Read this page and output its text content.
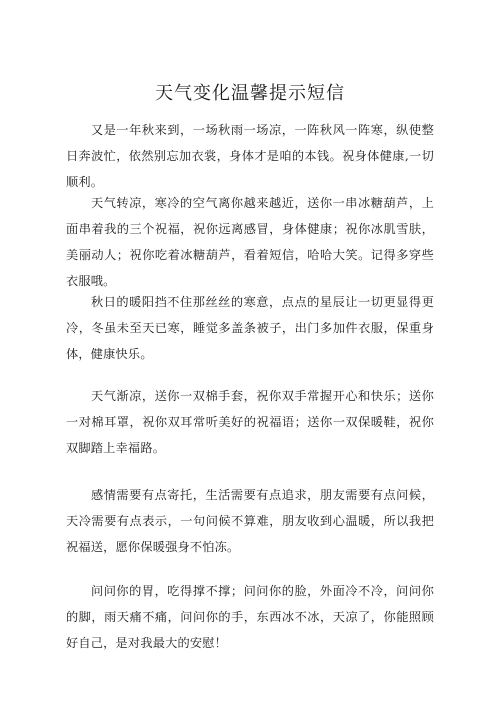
天气变化温馨提示短信

又是一年秋来到，一场秋雨一场凉，一阵秋风一阵寒，纵使整日奔波忙，依然别忘加衣裳，身体才是咱的本钱。祝身体健康,一切顺利。

天气转凉，寒冷的空气离你越来越近，送你一串冰糖葫芦，上面串着我的三个祝福，祝你远离感冒，身体健康；祝你冰肌雪肤，美丽动人；祝你吃着冰糖葫芦，看着短信，哈哈大笑。记得多穿些衣服哦。

秋日的暖阳挡不住那丝丝的寒意，点点的星辰让一切更显得更冷，冬虽未至天已寒，睡觉多盖条被子，出门多加件衣服，保重身体，健康快乐。

天气渐凉，送你一双棉手套，祝你双手常握开心和快乐；送你一对棉耳罩，祝你双耳常听美好的祝福语；送你一双保暖鞋，祝你双脚踏上幸福路。

感情需要有点寄托，生活需要有点追求，朋友需要有点问候，天冷需要有点表示，一句问候不算难，朋友收到心温暖，所以我把祝福送，愿你保暖强身不怕冻。

问问你的胃，吃得撑不撑；问问你的脸，外面冷不冷，问问你的脚，雨天痛不痛，问问你的手，东西冰不冰，天凉了，你能照顾好自己，是对我最大的安慰！
